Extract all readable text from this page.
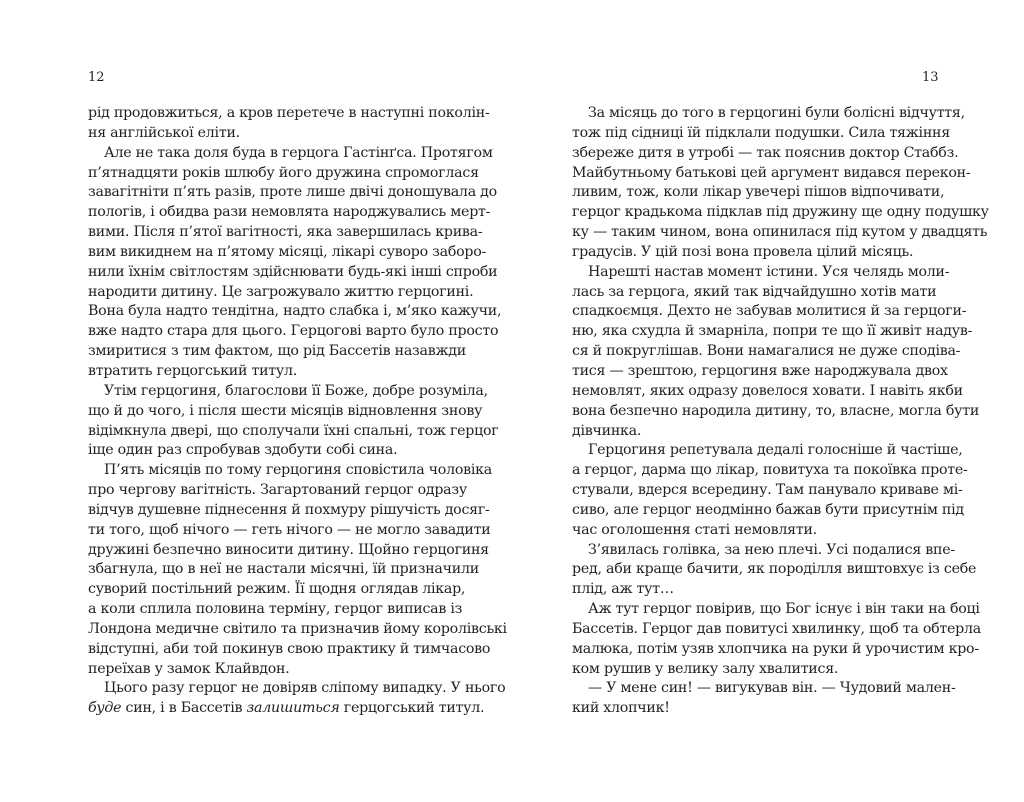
12	13
рід продовжиться, а кров перетече в наступні поколін-
ня англійської еліти.
Але не така доля буда в герцога Гастінґса. Протягом
п’ятнадцяти років шлюбу його дружина спромоглася
завагітніти п’ять разів, проте лише двічі доношувала до
пологів, і обидва рази немовлята народжувались мерт-
вими. Після п’ятої вагітності, яка завершилась крива-
вим викиднем на п’ятому місяці, лікарі суворо заборо-
нили їхнім світлостям здійснювати будь-які інші спроби
народити дитину. Це загрожувало життю герцогині.
Вона була надто тендітна, надто слабка і, м’яко кажучи,
вже надто стара для цього. Герцогові варто було просто
змиритися з тим фактом, що рід Бассетів назавжди
втратить герцогський титул.
Утім герцогиня, благослови її Боже, добре розуміла,
що й до чого, і після шести місяців відновлення знову
відімкнула двері, що сполучали їхні спальні, тож герцог
іще один раз спробував здобути собі сина.
П’ять місяців по тому герцогиня сповістила чоловіка
про чергову вагітність. Загартований герцог одразу
відчув душевне піднесення й похмуру рішучість досяг-
ти того, щоб нічого — геть нічого — не могло завадити
дружині безпечно виносити дитину. Щойно герцогиня
збагнула, що в неї не настали місячні, їй призначили
суворий постільний режим. Її щодня оглядав лікар,
а коли сплила половина терміну, герцог виписав із
Лондона медичне світило та призначив йому королівські
відступні, аби той покинув свою практику й тимчасово
переїхав у замок Клайвдон.
Цього разу герцог не довіряв сліпому випадку. У нього
буде син, і в Бассетів залишиться герцогський титул.
За місяць до того в герцогині були болісні відчуття,
тож під сідниці їй підклали подушки. Сила тяжіння
збереже дитя в утробі — так пояснив доктор Стаббз.
Майбутньому батькові цей аргумент видався перекон-
ливим, тож, коли лікар увечері пішов відпочивати,
герцог крадькома підклав під дружину ще одну подушку
ку — таким чином, вона опинилася під кутом у двадцять
градусів. У цій позі вона провела цілий місяць.
Нарешті настав момент істини. Уся челядь моли-
лась за герцога, який так відчайдушно хотів мати
спадкоємця. Дехто не забував молитися й за герцоги-
ню, яка схудла й змарніла, попри те що її живіт надув-
ся й покруглішав. Вони намагалися не дуже сподіва-
тися — зрештою, герцогиня вже народжувала двох
немовлят, яких одразу довелося ховати. І навіть якби
вона безпечно народила дитину, то, власне, могла бути
дівчинка.
Герцогиня репетувала дедалі голосніше й частіше,
а герцог, дарма що лікар, повитуха та покоївка проте-
стували, вдерся всередину. Там панувало криваве мі-
сиво, але герцог неодмінно бажав бути присутнім під
час оголошення статі немовляти.
З’явилась голівка, за нею плечі. Усі подалися впе-
ред, аби краще бачити, як породілля виштовхує із себе
плід, аж тут…
Аж тут герцог повірив, що Бог існує і він таки на боці
Бассетів. Герцог дав повитусі хвилинку, щоб та обтерла
малюка, потім узяв хлопчика на руки й урочистим кро-
ком рушив у велику залу хвалитися.
— У мене син! — вигукував він. — Чудовий мален-
кий хлопчик!
